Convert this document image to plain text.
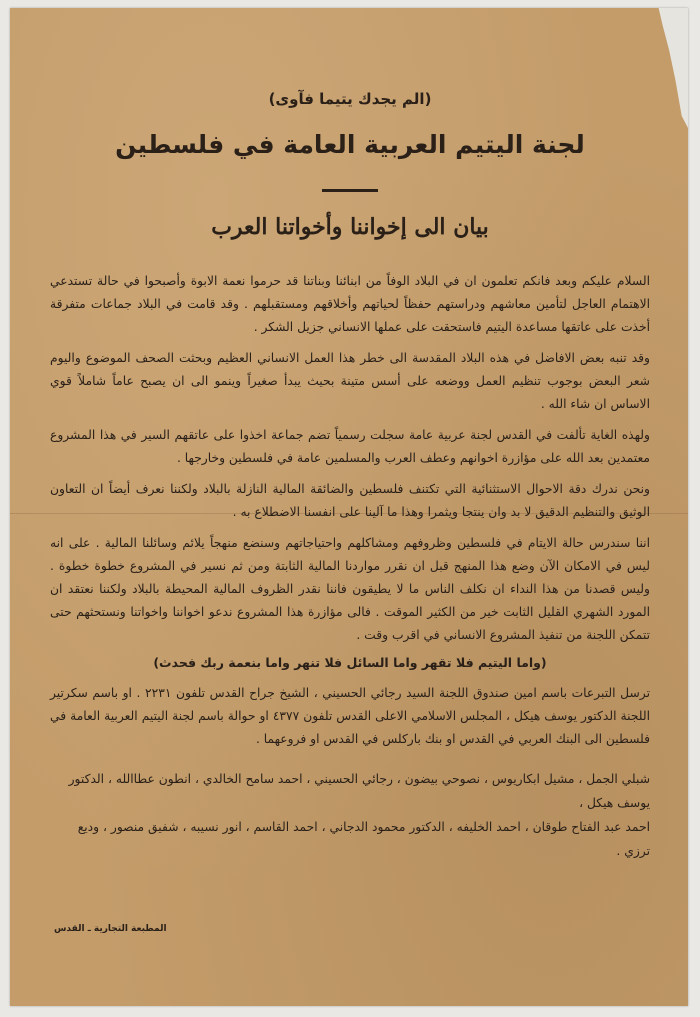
(الم يجدك يتيما فآوى)

لجنة اليتيم العربية العامة في فلسطين
بيان الى إخواننا وأخواتنا العرب

السلام عليكم وبعد فانكم تعلمون ان في البلاد الوفاً من ابنائنا وبناتنا قد حرموا نعمة الابوة وأصبحوا في حالة تستدعي الاهتمام العاجل لتأمين معاشهم ودراستهم حفظاً لحياتهم وأخلاقهم ومستقبلهم . وقد قامت في البلاد جماعات متفرقة أخذت على عاتقها مساعدة اليتيم فاستحقت على عملها الانساني جزيل الشكر .

وقد تنبه بعض الافاضل في هذه البلاد المقدسة الى خطر هذا العمل الانساني العظيم وبحثت الصحف الموضوع واليوم شعر البعض بوجوب تنظيم العمل ووضعه على أسس متينة بحيث يبدأ صغيراً وينمو الى ان يصبح عاماً شاملاً قوي الاساس ان شاء الله .

ولهذه الغاية تألفت في القدس لجنة عربية عامة سجلت رسمياً تضم جماعة اخذوا على عاتقهم السير في هذا المشروع معتمدين بعد الله على مؤازرة اخوانهم وعطف العرب والمسلمين عامة في فلسطين وخارجها .

ونحن ندرك دقة الاحوال الاستثنائية التي تكتنف فلسطين والضائقة المالية النازلة بالبلاد ولكننا نعرف أيضاً ان التعاون الوثيق والتنظيم الدقيق لا بد وان ينتجا ويثمرا وهذا ما آلينا على انفسنا الاضطلاع به .

اننا سندرس حالة الايتام في فلسطين وظروفهم ومشاكلهم واحتياجاتهم وسنضع منهجاً يلائم وسائلنا المالية . على انه ليس في الامكان الآن وضع هذا المنهج قبل ان نقرر مواردنا المالية الثابتة ومن ثم نسير في المشروع خطوة خطوة . وليس قصدنا من هذا النداء ان نكلف الناس ما لا يطيقون فاننا نقدر الظروف المالية المحيطة بالبلاد ولكننا نعتقد ان المورد الشهري القليل الثابت خير من الكثير الموقت . فالى مؤازرة هذا المشروع ندعو اخواننا واخواتنا ونستحثهم حتى تتمكن اللجنة من تنفيذ المشروع الانساني في اقرب وقت .

(واما اليتيم فلا تقهر واما السائل فلا تنهر واما بنعمة ربك فحدث)

ترسل التبرعات باسم امين صندوق اللجنة السيد رجائي الحسيني ، الشيخ جراح القدس تلفون ٢٢٣١ . او باسم سكرتير اللجنة الدكتور يوسف هيكل ، المجلس الاسلامي الاعلى القدس تلفون ٤٣٧٧ او حوالة باسم لجنة اليتيم العربية العامة في فلسطين الى البنك العربي في القدس او بنك باركلس في القدس او فروعهما .

شبلي الجمل ، مشيل ابكاريوس ، نصوحي بيضون ، رجائي الحسيني ، احمد سامح الخالدي ، انطون عطاالله ، الدكتور يوسف هيكل ،
احمد عبد الفتاح طوقان ، احمد الخليفه ، الدكتور محمود الدجاني ، احمد القاسم ، انور نسيبه ، شفيق منصور ، وديع ترزي .
المطبعة التجارية ـ القدس
